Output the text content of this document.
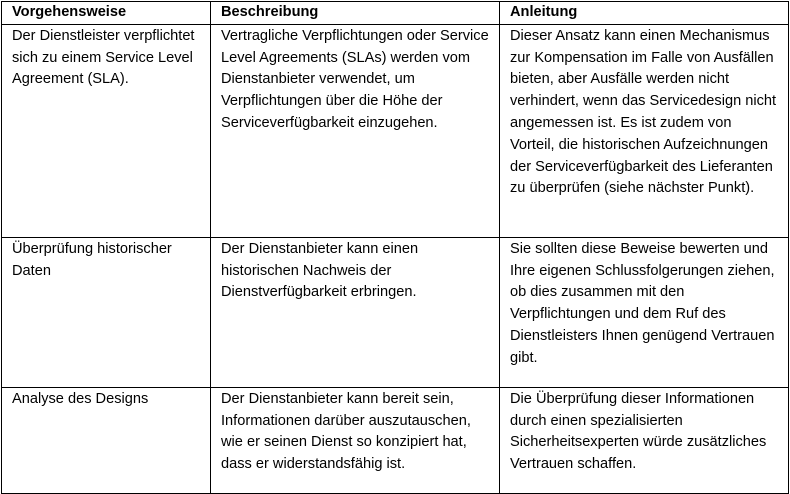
Vorgehensweise	Beschreibung	Anleitung

Der Dienstleister verpflichtet sich zu einem Service Level Agreement (SLA).	Vertragliche Verpflichtungen oder Service Level Agreements (SLAs) werden vom Dienstanbieter verwendet, um Verpflichtungen über die Höhe der Serviceverfügbarkeit einzugehen.	Dieser Ansatz kann einen Mechanismus zur Kompensation im Falle von Ausfällen bieten, aber Ausfälle werden nicht verhindert, wenn das Servicedesign nicht angemessen ist. Es ist zudem von Vorteil, die historischen Aufzeichnungen der Serviceverfügbarkeit des Lieferanten zu überprüfen (siehe nächster Punkt).

Überprüfung historischer Daten	Der Dienstanbieter kann einen historischen Nachweis der Dienstverfügbarkeit erbringen.	Sie sollten diese Beweise bewerten und Ihre eigenen Schlussfolgerungen ziehen, ob dies zusammen mit den Verpflichtungen und dem Ruf des Dienstleisters Ihnen genügend Vertrauen gibt.

Analyse des Designs	Der Dienstanbieter kann bereit sein, Informationen darüber auszutauschen, wie er seinen Dienst so konzipiert hat, dass er widerstandsfähig ist.	Die Überprüfung dieser Informationen durch einen spezialisierten Sicherheitsexperten würde zusätzliches Vertrauen schaffen.
